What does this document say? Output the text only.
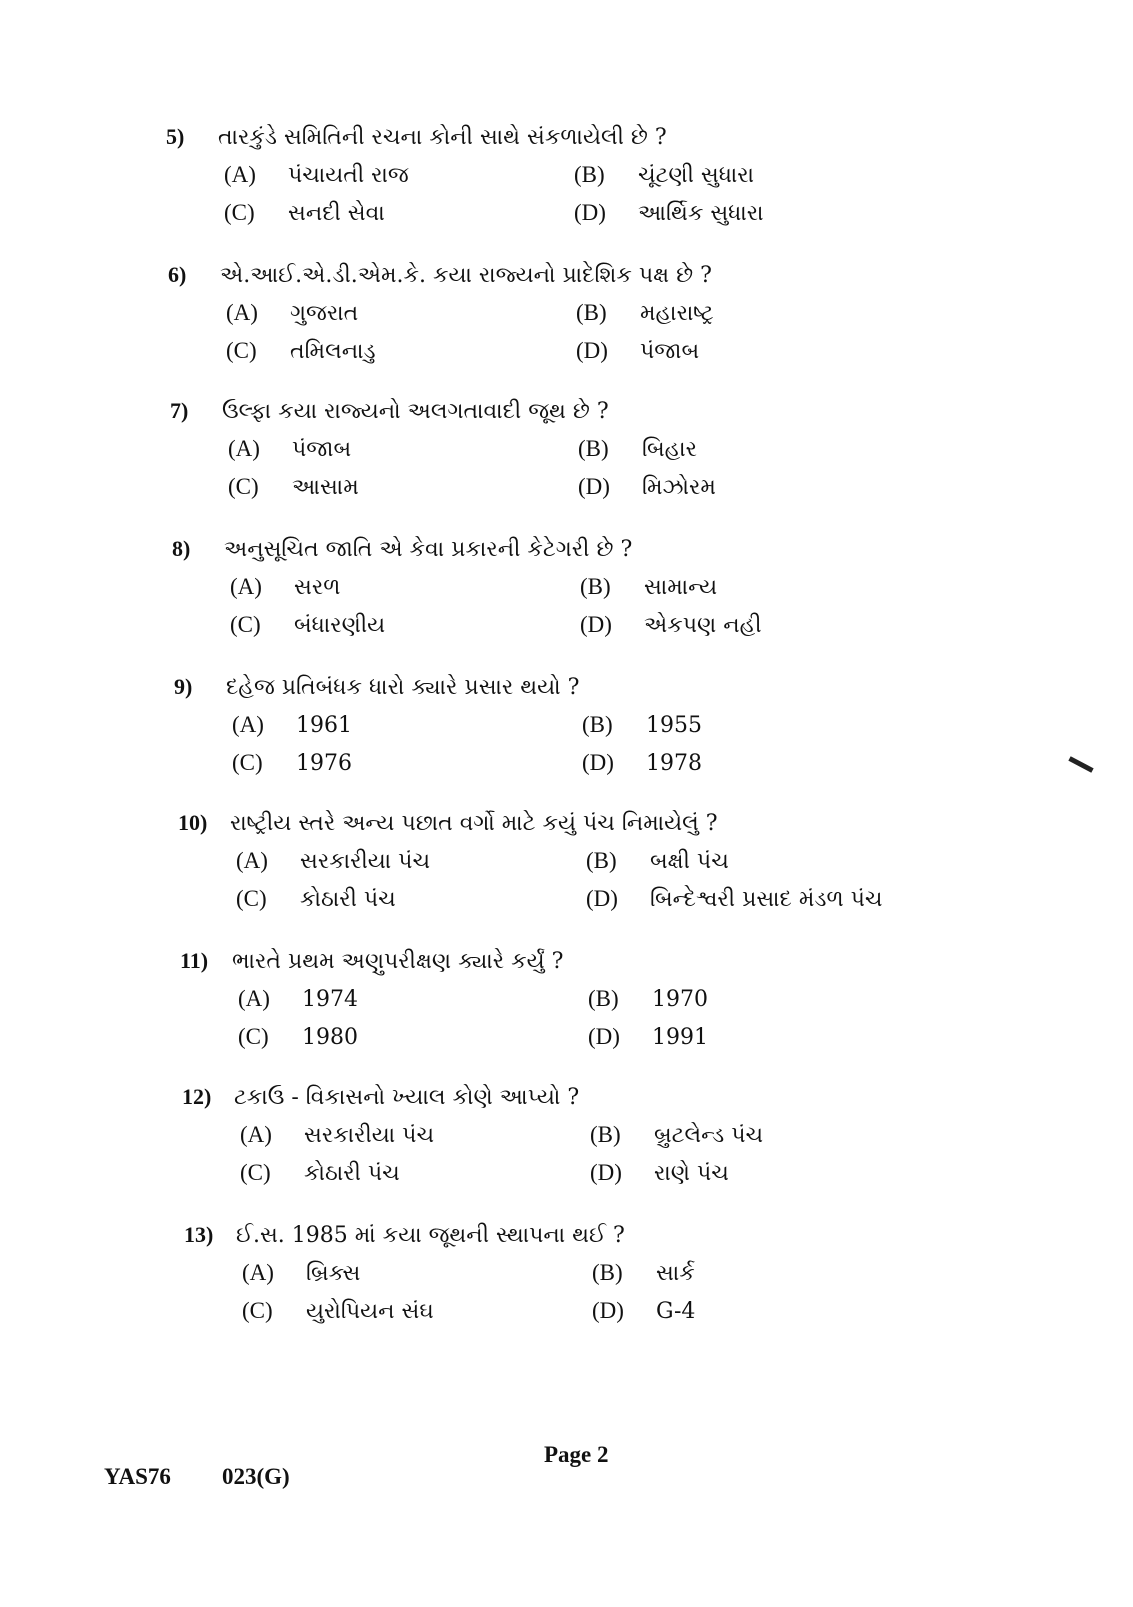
5)	તારકુંડે સમિતિની રચના કોની સાથે સંકળાયેલી છે ?
(A)	પંચાયતી રાજ	(B)	ચૂંટણી સુધારા
(C)	સનદી સેવા	(D)	આર્થિક સુધારા
6)	એ.આઈ.એ.ડી.એમ.કે. કયા રાજ્યનો પ્રાદેશિક પક્ષ છે ?
(A)	ગુજરાત	(B)	મહારાષ્ટ્ર
(C)	તમિલનાડુ	(D)	પંજાબ
7)	ઉલ્ફા કયા રાજ્યનો અલગતાવાદી જૂથ છે ?
(A)	પંજાબ	(B)	બિહાર
(C)	આસામ	(D)	મિઝોરમ
8)	અનુસૂચિત જાતિ એ કેવા પ્રકારની કેટેગરી છે ?
(A)	સરળ	(B)	સામાન્ય
(C)	બંધારણીય	(D)	એકપણ નહી
9)	દહેજ પ્રતિબંધક ધારો ક્યારે પ્રસાર થયો ?
(A)	1961	(B)	1955
(C)	1976	(D)	1978
10)	રાષ્ટ્રીય સ્તરે અન્ય પછાત વર્ગો માટે કયું પંચ નિમાયેલું ?
(A)	સરકારીયા પંચ	(B)	બક્ષી પંચ
(C)	કોઠારી પંચ	(D)	બિન્દેશ્વરી પ્રસાદ મંડળ પંચ
11)	ભારતે પ્રથમ અણુપરીક્ષણ ક્યારે કર્યું ?
(A)	1974	(B)	1970
(C)	1980	(D)	1991
12)	ટકાઉ - વિકાસનો ખ્યાલ કોણે આપ્યો ?
(A)	સરકારીયા પંચ	(B)	બ્રુટલેન્ડ પંચ
(C)	કોઠારી પંચ	(D)	રાણે પંચ
13)	ઈ.સ. 1985 માં કયા જૂથની સ્થાપના થઈ ?
(A)	બ્રિક્સ	(B)	સાર્ક
(C)	યુરોપિયન સંઘ	(D)	G-4
YAS76 023(G)
Page 2
